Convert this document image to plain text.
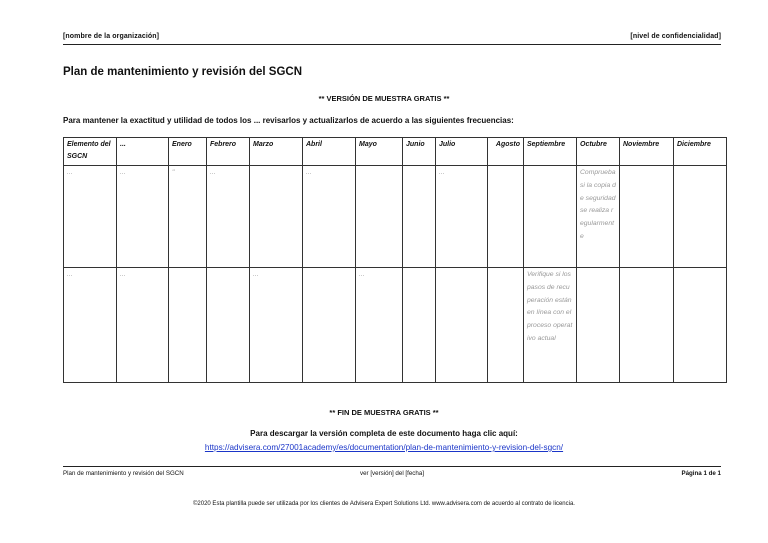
[nombre de la organización]	[nivel de confidencialidad]
Plan de mantenimiento y revisión del SGCN
** VERSIÓN DE MUESTRA GRATIS **
Para mantener la exactitud y utilidad de todos los ... revisarlos y actualizarlos de acuerdo a las siguientes frecuencias:
Elemento del SGCN	...	Enero	Febrero	Marzo	Abril	Mayo	Junio	Julio	Agosto	Septiembre	Octubre	Noviembre	Diciembre
...	...	"	...		...			...			Comprueba si la copia de seguridad se realiza regularmente		
...	...			...		...				Verifique si los pasos de recuperación están en línea con el proceso operativo actual			
** FIN DE MUESTRA GRATIS **
Para descargar la versión completa de este documento haga clic aquí:
https://advisera.com/27001academy/es/documentation/plan-de-mantenimiento-y-revision-del-sgcn/
Plan de mantenimiento y revisión del SGCN	ver [versión] del [fecha]	Página 1 de 1
©2020 Esta plantilla puede ser utilizada por los clientes de Advisera Expert Solutions Ltd. www.advisera.com de acuerdo al contrato de licencia.
